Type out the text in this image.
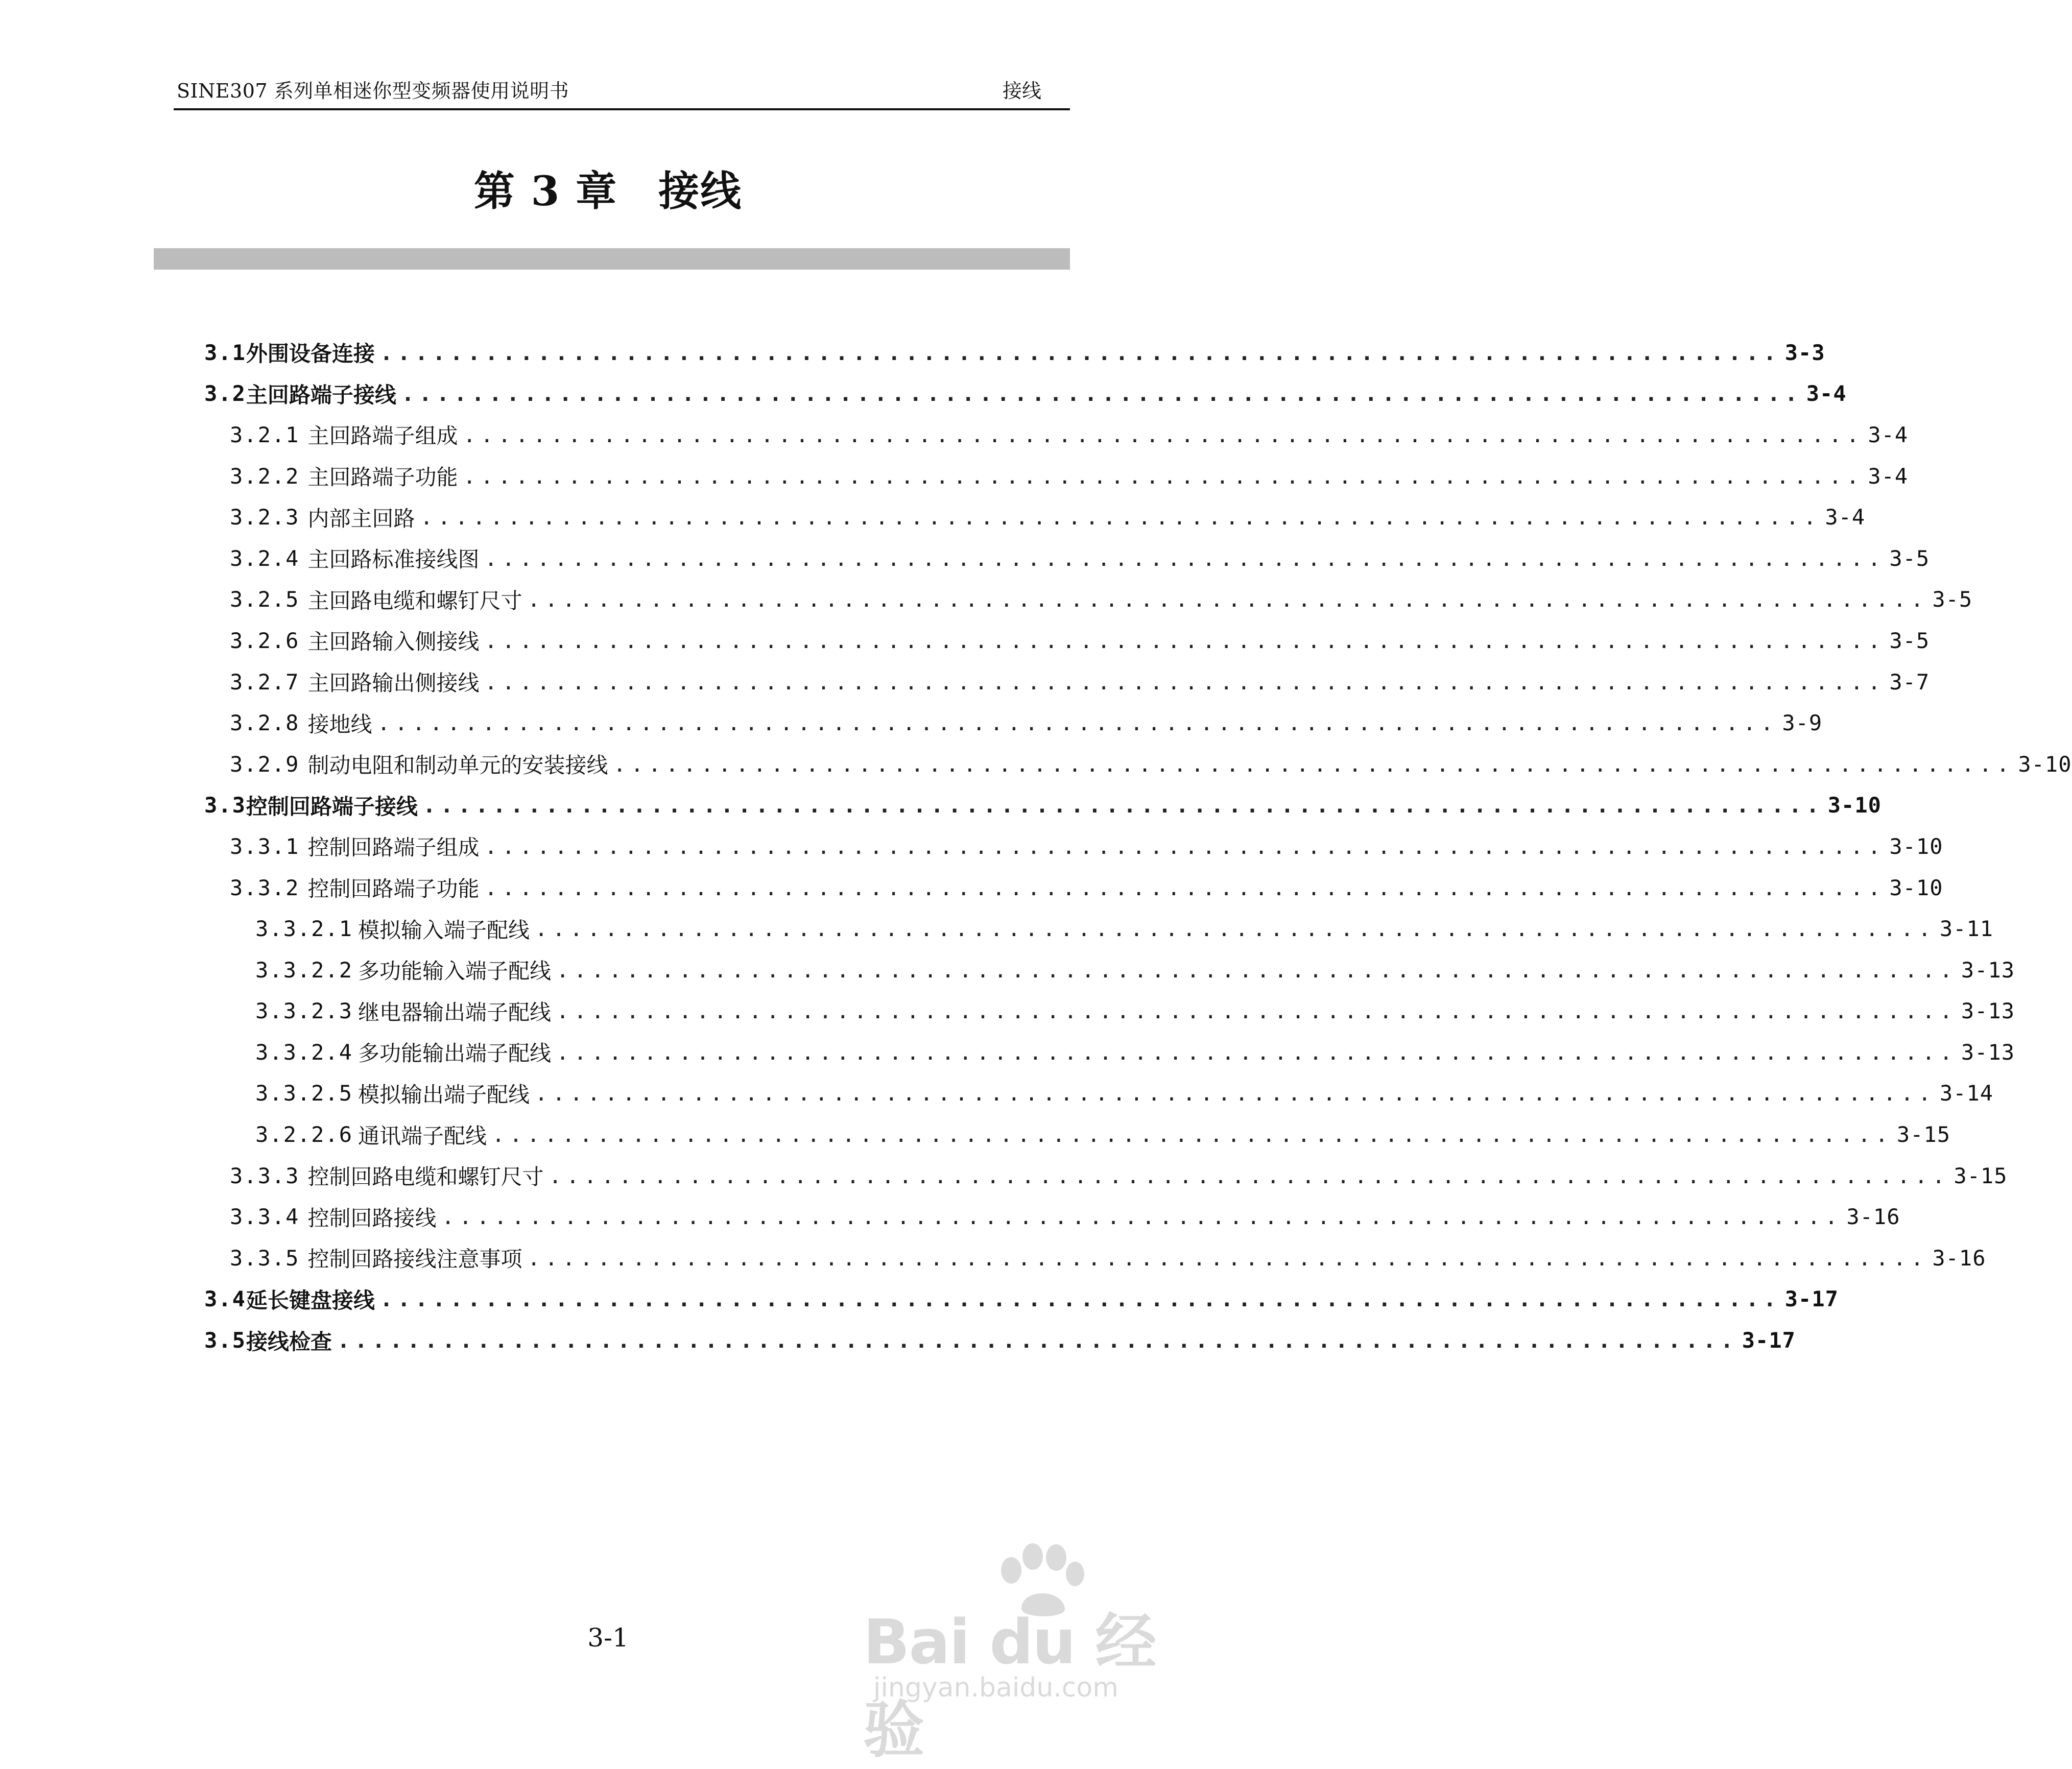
SINE307 系列单相迷你型变频器使用说明书	接线
第 3 章 接线
3.1 外围设备连接 ................................................................................ 3-3
3.2 主回路端子接线 ................................................................................ 3-4
3.2.1 主回路端子组成 ................................................................................ 3-4
3.2.2 主回路端子功能 ................................................................................ 3-4
3.2.3 内部主回路 ................................................................................ 3-4
3.2.4 主回路标准接线图 ................................................................................ 3-5
3.2.5 主回路电缆和螺钉尺寸 ................................................................................ 3-5
3.2.6 主回路输入侧接线 ................................................................................ 3-5
3.2.7 主回路输出侧接线 ................................................................................ 3-7
3.2.8 接地线 ................................................................................ 3-9
3.2.9 制动电阻和制动单元的安装接线 ................................................................................ 3-10
3.3 控制回路端子接线 ................................................................................ 3-10
3.3.1 控制回路端子组成 ................................................................................ 3-10
3.3.2 控制回路端子功能 ................................................................................ 3-10
3.3.2.1 模拟输入端子配线 ................................................................................ 3-11
3.3.2.2 多功能输入端子配线 ................................................................................ 3-13
3.3.2.3 继电器输出端子配线 ................................................................................ 3-13
3.3.2.4 多功能输出端子配线 ................................................................................ 3-13
3.3.2.5 模拟输出端子配线 ................................................................................ 3-14
3.2.2.6 通讯端子配线 ................................................................................ 3-15
3.3.3 控制回路电缆和螺钉尺寸 ................................................................................ 3-15
3.3.4 控制回路接线 ................................................................................ 3-16
3.3.5 控制回路接线注意事项 ................................................................................ 3-16
3.4 延长键盘接线 ................................................................................ 3-17
3.5 接线检查 ................................................................................ 3-17
3-1	Bai du 经验
jingyan.baidu.com
